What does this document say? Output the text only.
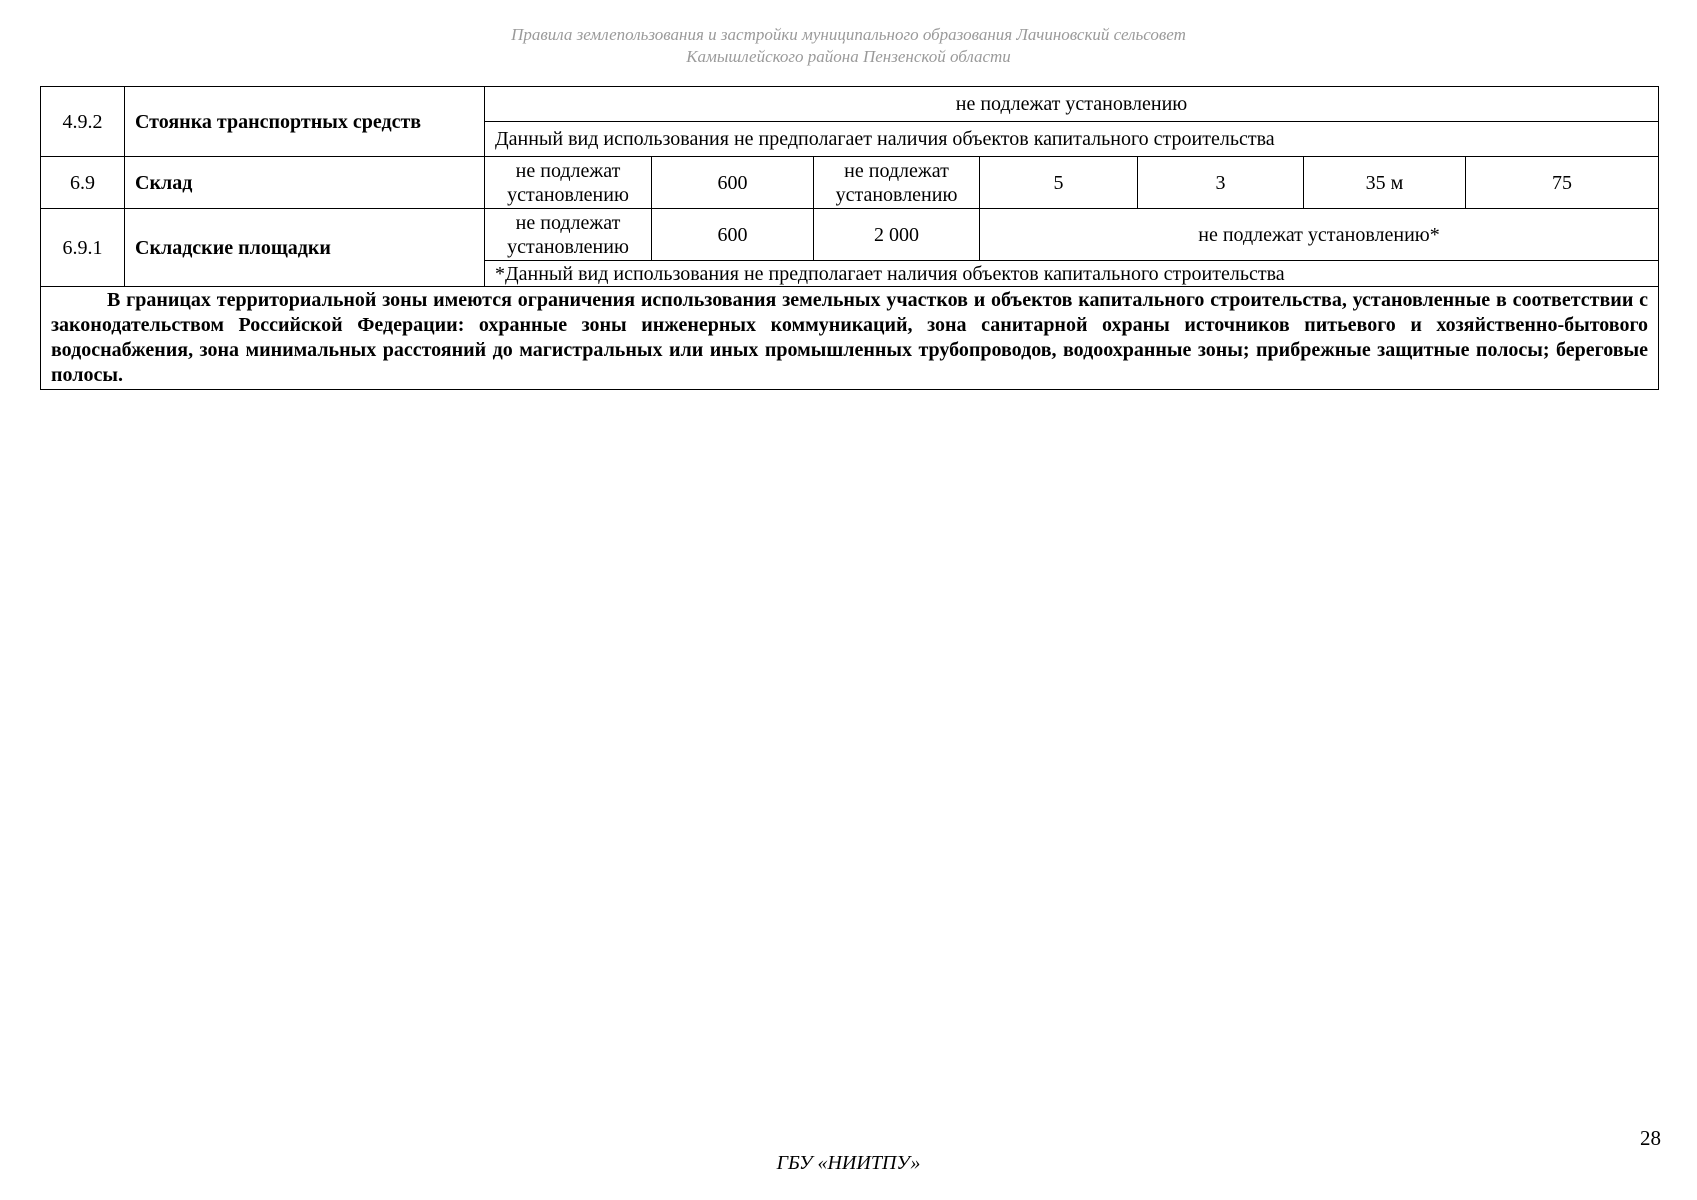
Правила землепользования и застройки муниципального образования Лачиновский сельсовет
Камышлейского района Пензенской области
4.9.2	Стоянка транспортных средств	не подлежат установлению						
		Данный вид использования не предполагает наличия объектов капитального строительства						
6.9	Склад	не подлежат установлению	600	не подлежат установлению	5	3	35 м	75
6.9.1	Складские площадки	не подлежат установлению	600	2 000	не подлежат установлению*			
		*Данный вид использования не предполагает наличия объектов капитального строительства						
В границах территориальной зоны имеются ограничения использования земельных участков и объектов капитального строительства, установленные в соответствии с законодательством Российской Федерации: охранные зоны инженерных коммуникаций, зона санитарной охраны источников питьевого и хозяйственно-бытового водоснабжения, зона минимальных расстояний до магистральных или иных промышленных трубопроводов, водоохранные зоны; прибрежные защитные полосы; береговые полосы.								
28
ГБУ «НИИТПУ»
